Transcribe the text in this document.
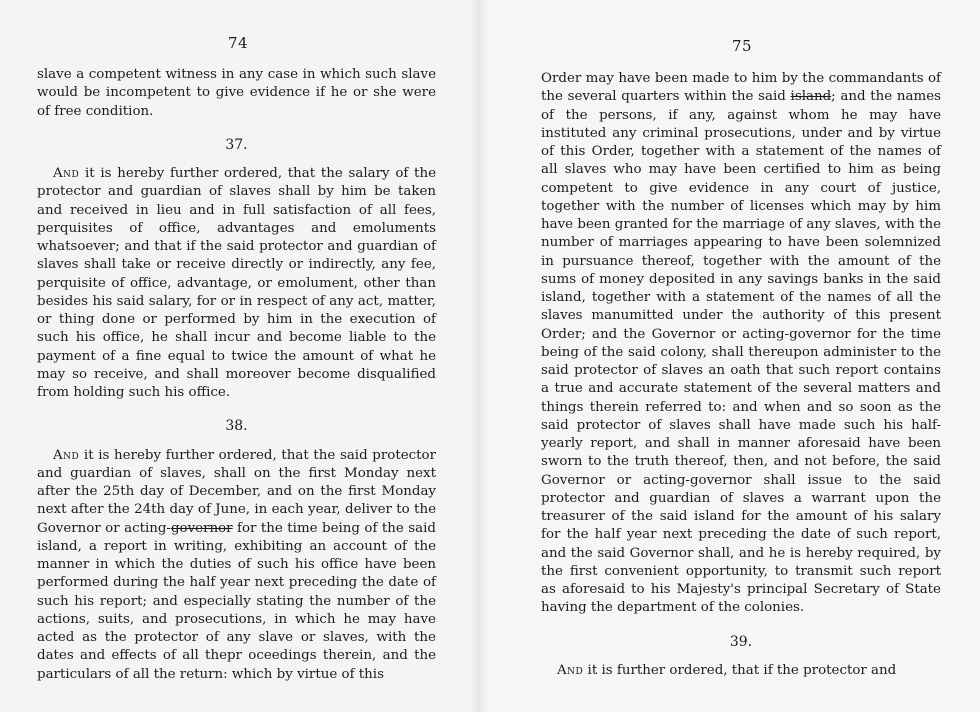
74

slave a competent witness in any case in which such slave would be incompetent to give evidence if he or she were of free condition.

37.

And it is hereby further ordered, that the salary of the protector and guardian of slaves shall by him be taken and received in lieu and in full satisfaction of all fees, perquisites of office, advantages and emoluments whatsoever; and that if the said protector and guardian of slaves shall take or receive directly or indirectly, any fee, perquisite of office, advantage, or emolument, other than besides his said salary, for or in respect of any act, matter, or thing done or performed by him in the execution of such his office, he shall incur and become liable to the payment of a fine equal to twice the amount of what he may so receive, and shall moreover become disqualified from holding such his office.

38.

And it is hereby further ordered, that the said protector and guardian of slaves, shall on the first Monday next after the 25th day of December, and on the first Monday next after the 24th day of June, in each year, deliver to the Governor or acting-governor for the time being of the said island, a report in writing, exhibiting an account of the manner in which the duties of such his office have been performed during the half year next preceding the date of such his report; and especially stating the number of the actions, suits, and prosecutions, in which he may have acted as the protector of any slave or slaves, with the dates and effects of all thepr oceedings therein, and the particulars of all the return: which by virtue of this

75

Order may have been made to him by the commandants of the several quarters within the said island; and the names of the persons, if any, against whom he may have instituted any criminal prosecutions, under and by virtue of this Order, together with a statement of the names of all slaves who may have been certified to him as being competent to give evidence in any court of justice, together with the number of licenses which may by him have been granted for the marriage of any slaves, with the number of marriages appearing to have been solemnized in pursuance thereof, together with the amount of the sums of money deposited in any savings banks in the said island, together with a statement of the names of all the slaves manumitted under the authority of this present Order; and the Governor or acting-governor for the time being of the said colony, shall thereupon administer to the said protector of slaves an oath that such report contains a true and accurate statement of the several matters and things therein referred to: and when and so soon as the said protector of slaves shall have made such his half-yearly report, and shall in manner aforesaid have been sworn to the truth thereof, then, and not before, the said Governor or acting-governor shall issue to the said protector and guardian of slaves a warrant upon the treasurer of the said island for the amount of his salary for the half year next preceding the date of such report, and the said Governor shall, and he is hereby required, by the first convenient opportunity, to transmit such report as aforesaid to his Majesty's principal Secretary of State having the department of the colonies.

39.

And it is further ordered, that if the protector and
